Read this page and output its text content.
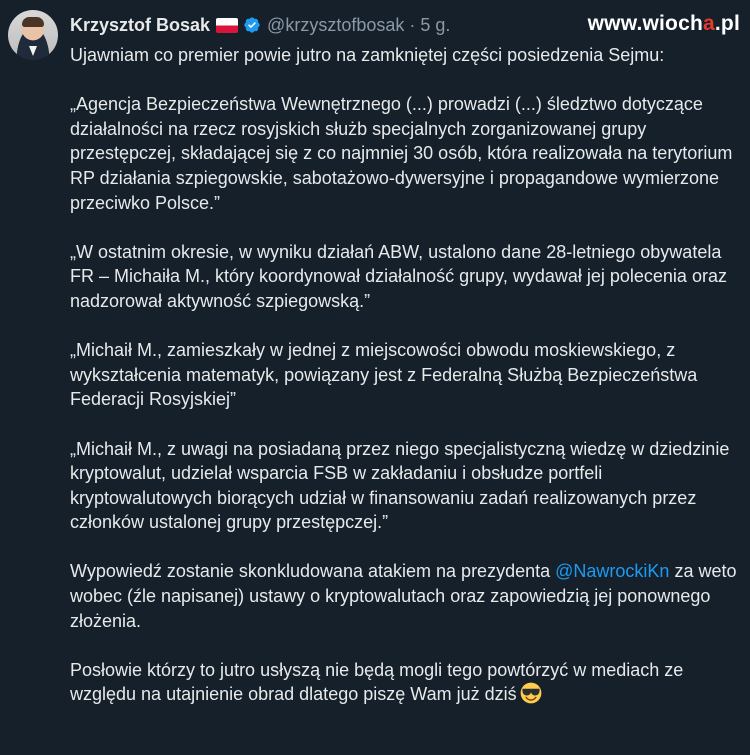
Krzysztof Bosak	@krzysztofbosak · 5 g.	www.wiocha.pl

Ujawniam co premier powie jutro na zamkniętej części posiedzenia Sejmu:

„Agencja Bezpieczeństwa Wewnętrznego (...) prowadzi (...) śledztwo dotyczące działalności na rzecz rosyjskich służb specjalnych zorganizowanej grupy przestępczej, składającej się z co najmniej 30 osób, która realizowała na terytorium RP działania szpiegowskie, sabotażowo-dywersyjne i propagandowe wymierzone przeciwko Polsce.”

„W ostatnim okresie, w wyniku działań ABW, ustalono dane 28-letniego obywatela FR – Michaiła M., który koordynował działalność grupy, wydawał jej polecenia oraz nadzorował aktywność szpiegowską.”

„Michaił M., zamieszkały w jednej z miejscowości obwodu moskiewskiego, z wykształcenia matematyk, powiązany jest z Federalną Służbą Bezpieczeństwa Federacji Rosyjskiej”

„Michaił M., z uwagi na posiadaną przez niego specjalistyczną wiedzę w dziedzinie kryptowalut, udzielał wsparcia FSB w zakładaniu i obsłudze portfeli kryptowalutowych biorących udział w finansowaniu zadań realizowanych przez członków ustalonej grupy przestępczej.”

Wypowiedź zostanie skonkludowana atakiem na prezydenta @NawrockiKn za weto wobec (źle napisanej) ustawy o kryptowalutach oraz zapowiedzią jej ponownego złożenia.

Posłowie którzy to jutro usłyszą nie będą mogli tego powtórzyć w mediach ze względu na utajnienie obrad dlatego piszę Wam już dziś
